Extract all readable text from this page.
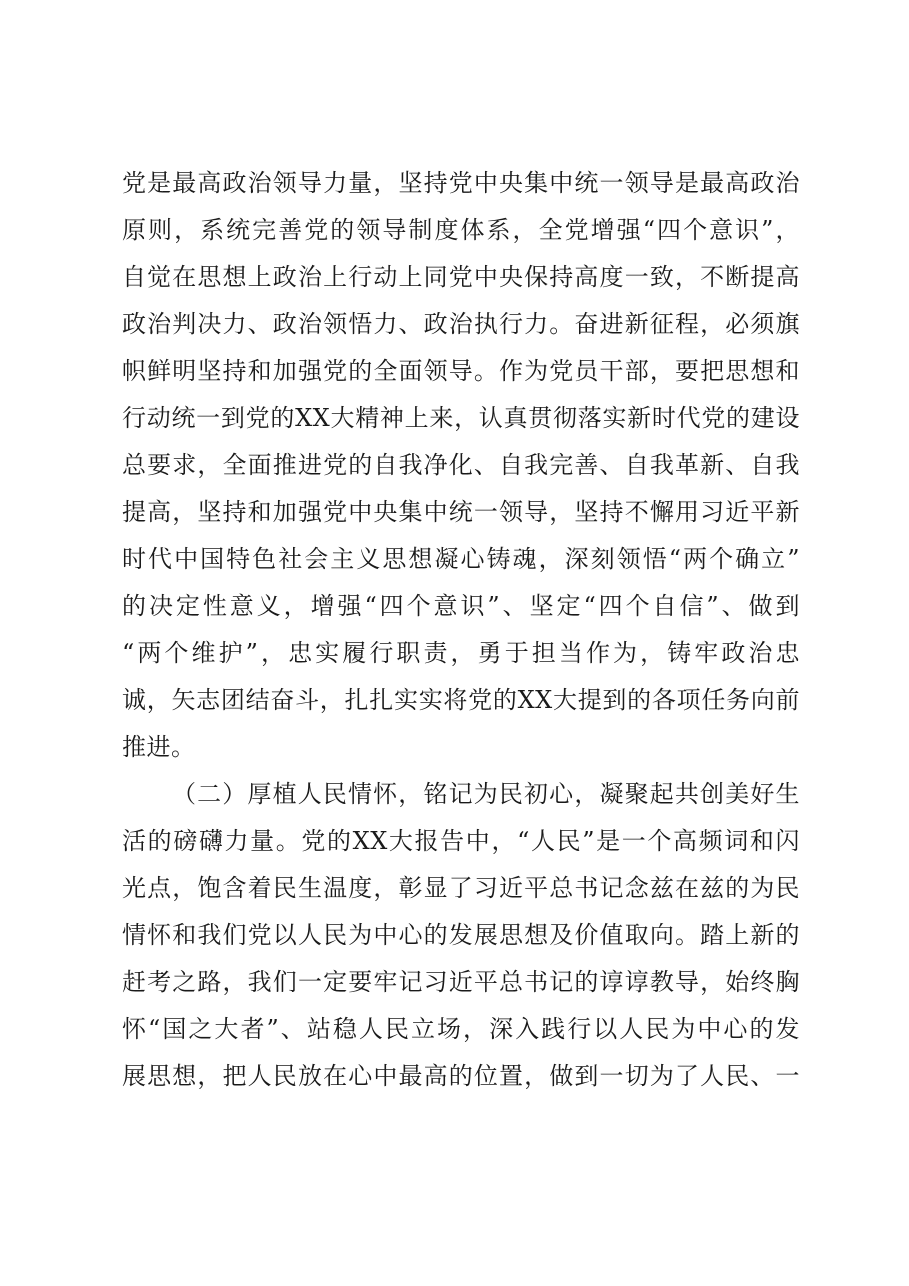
党是最高政治领导力量，坚持党中央集中统一领导是最高政治
原则，系统完善党的领导制度体系，全党增强“四个意识”，
自觉在思想上政治上行动上同党中央保持高度一致，不断提高
政治判决力、政治领悟力、政治执行力。奋进新征程，必须旗
帜鲜明坚持和加强党的全面领导。作为党员干部，要把思想和
行动统一到党的XX大精神上来，认真贯彻落实新时代党的建设
总要求，全面推进党的自我净化、自我完善、自我革新、自我
提高，坚持和加强党中央集中统一领导，坚持不懈用习近平新
时代中国特色社会主义思想凝心铸魂，深刻领悟“两个确立”
的决定性意义，增强“四个意识”、坚定“四个自信”、做到
“两个维护”，忠实履行职责，勇于担当作为，铸牢政治忠
诚，矢志团结奋斗，扎扎实实将党的XX大提到的各项任务向前
推进。
（二）厚植人民情怀，铭记为民初心，凝聚起共创美好生
活的磅礴力量。党的XX大报告中，“人民”是一个高频词和闪
光点，饱含着民生温度，彰显了习近平总书记念兹在兹的为民
情怀和我们党以人民为中心的发展思想及价值取向。踏上新的
赶考之路，我们一定要牢记习近平总书记的谆谆教导，始终胸
怀“国之大者”、站稳人民立场，深入践行以人民为中心的发
展思想，把人民放在心中最高的位置，做到一切为了人民、一
